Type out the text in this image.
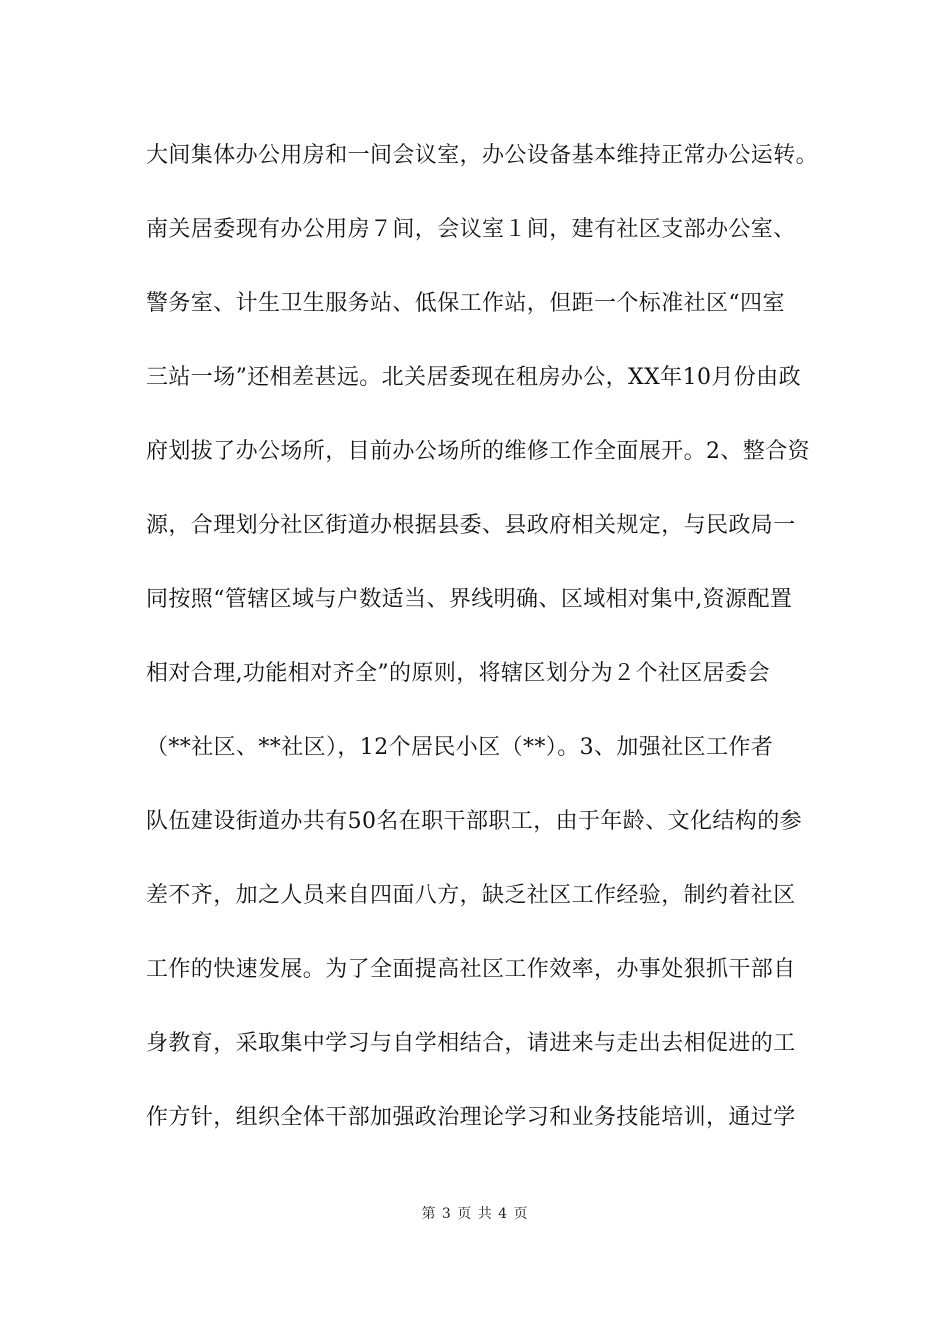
大间集体办公用房和一间会议室，办公设备基本维持正常办公运转。
南关居委现有办公用房７间，会议室１间，建有社区支部办公室、
警务室、计生卫生服务站、低保工作站，但距一个标准社区“四室
三站一场”还相差甚远。北关居委现在租房办公，XX年10月份由政
府划拔了办公场所，目前办公场所的维修工作全面展开。2、整合资
源，合理划分社区街道办根据县委、县政府相关规定，与民政局一
同按照“管辖区域与户数适当、界线明确、区域相对集中,资源配置
相对合理,功能相对齐全”的原则，将辖区划分为２个社区居委会
（**社区、**社区），12个居民小区（**）。3、加强社区工作者
队伍建设街道办共有50名在职干部职工，由于年龄、文化结构的参
差不齐，加之人员来自四面八方，缺乏社区工作经验，制约着社区
工作的快速发展。为了全面提高社区工作效率，办事处狠抓干部自
身教育，采取集中学习与自学相结合，请进来与走出去相促进的工
作方针，组织全体干部加强政治理论学习和业务技能培训，通过学
第 3 页 共 4 页
